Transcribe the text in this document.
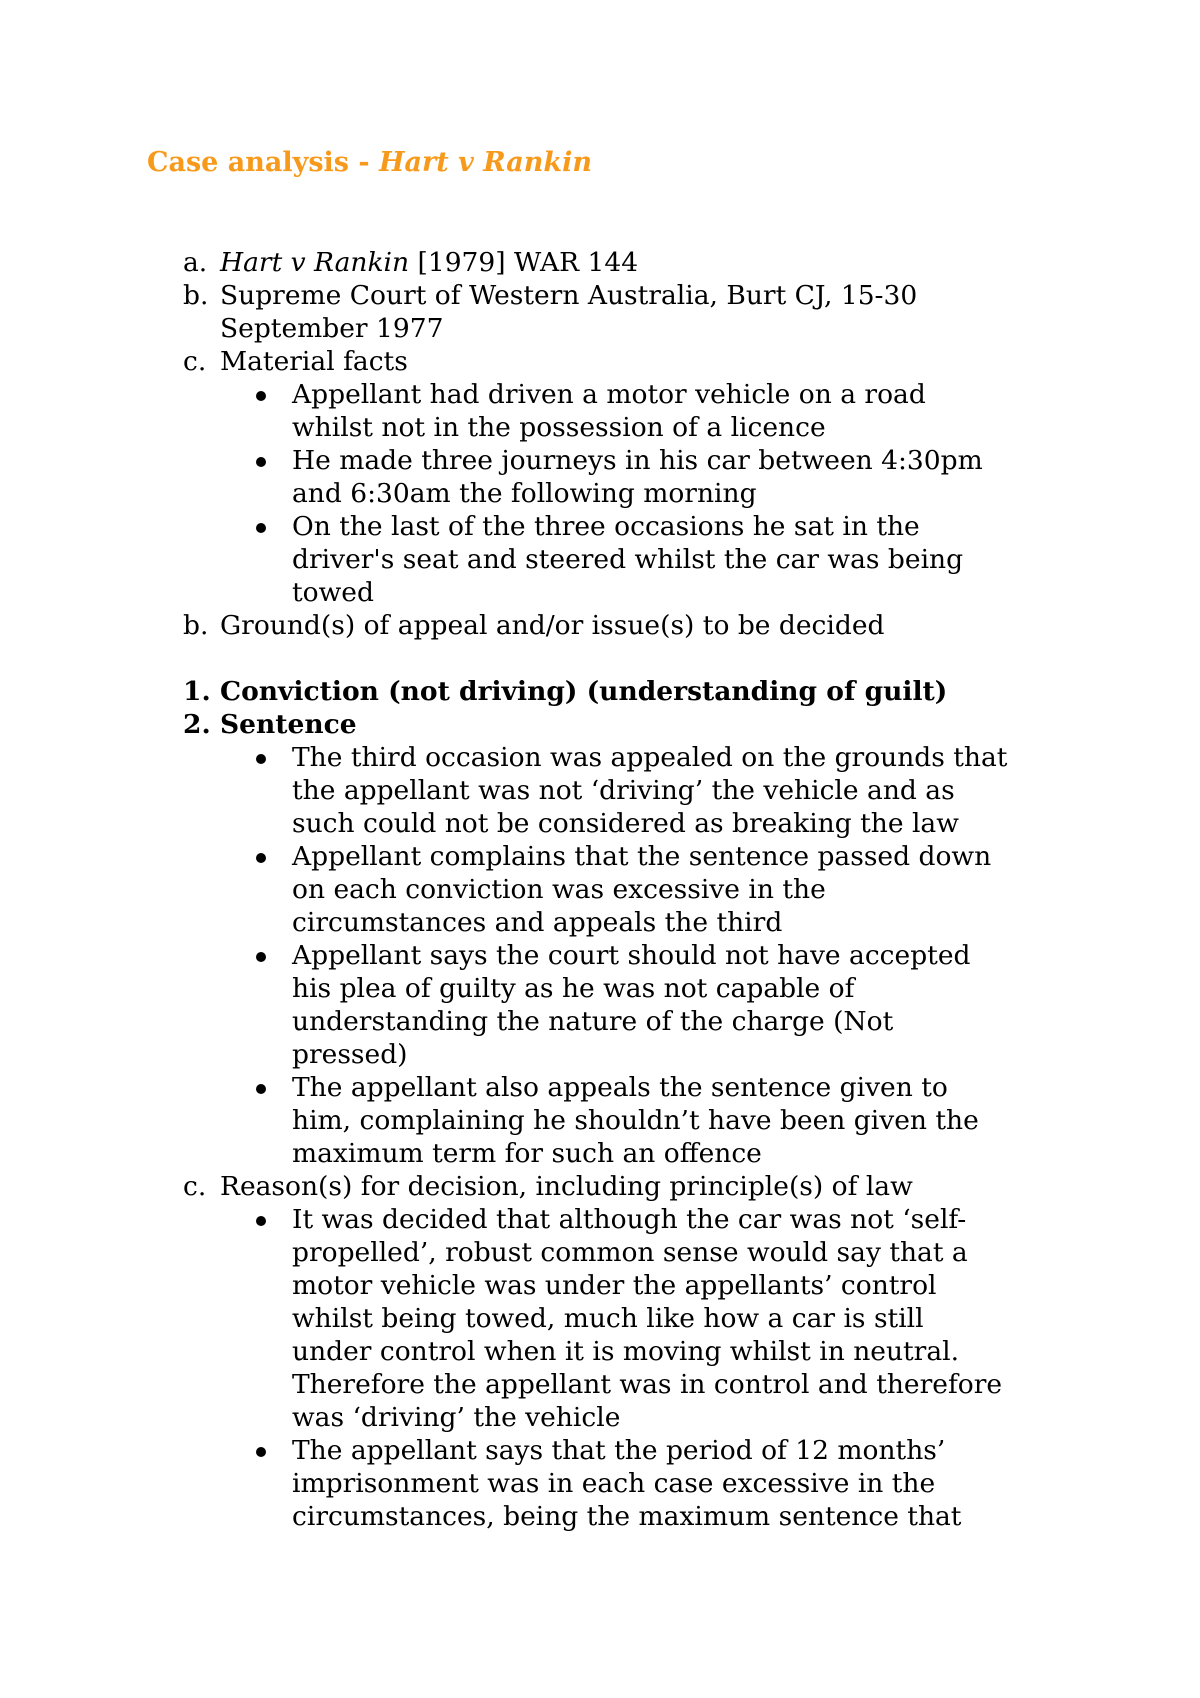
Case analysis - Hart v Rankin
a. Hart v Rankin [1979] WAR 144
b. Supreme Court of Western Australia, Burt CJ, 15-30
September 1977
c. Material facts
Appellant had driven a motor vehicle on a road
whilst not in the possession of a licence
He made three journeys in his car between 4:30pm
and 6:30am the following morning
On the last of the three occasions he sat in the
driver's seat and steered whilst the car was being
towed
b. Ground(s) of appeal and/or issue(s) to be decided
1. Conviction (not driving) (understanding of guilt)
2. Sentence
The third occasion was appealed on the grounds that
the appellant was not ‘driving’ the vehicle and as
such could not be considered as breaking the law
Appellant complains that the sentence passed down
on each conviction was excessive in the
circumstances and appeals the third
Appellant says the court should not have accepted
his plea of guilty as he was not capable of
understanding the nature of the charge (Not
pressed)
The appellant also appeals the sentence given to
him, complaining he shouldn’t have been given the
maximum term for such an offence
c. Reason(s) for decision, including principle(s) of law
It was decided that although the car was not ‘self-
propelled’, robust common sense would say that a
motor vehicle was under the appellants’ control
whilst being towed, much like how a car is still
under control when it is moving whilst in neutral.
Therefore the appellant was in control and therefore
was ‘driving’ the vehicle
The appellant says that the period of 12 months’
imprisonment was in each case excessive in the
circumstances, being the maximum sentence that
